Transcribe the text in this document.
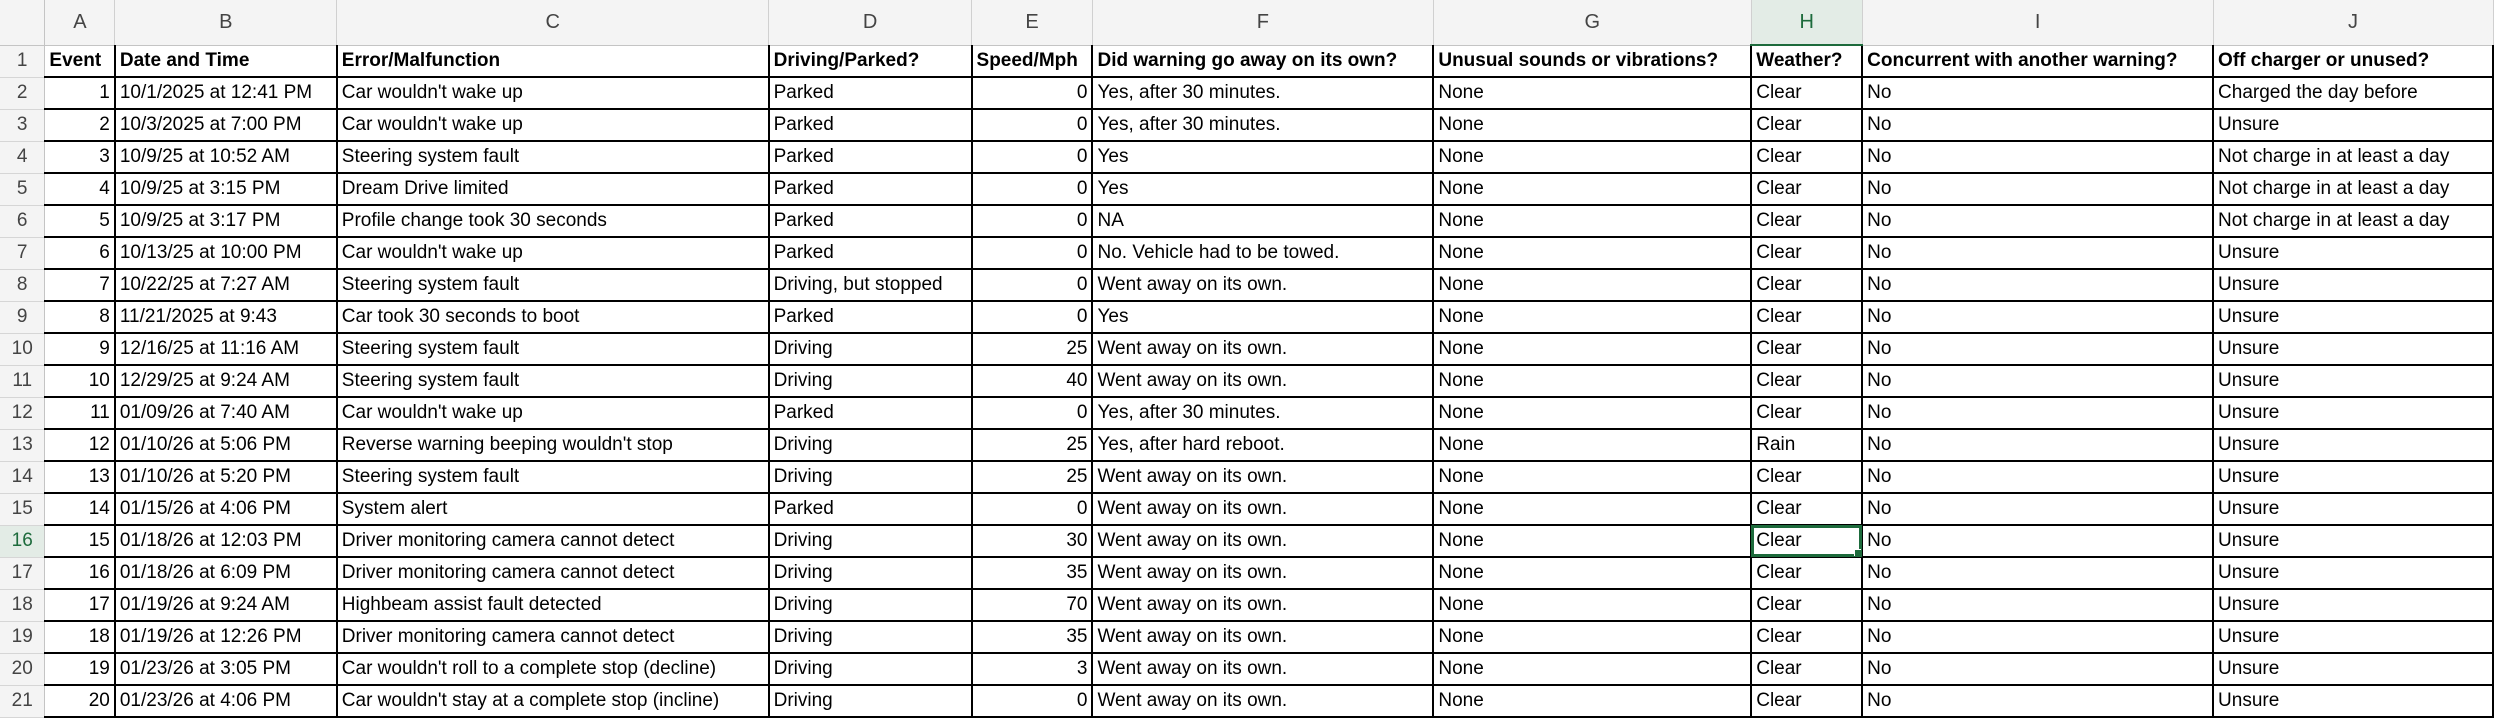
	A	B	C	D	E	F	G	H	I	J
1	Event	Date and Time	Error/Malfunction	Driving/Parked?	Speed/Mph	Did warning go away on its own?	Unusual sounds or vibrations?	Weather?	Concurrent with another warning?	Off charger or unused?
2	1	10/1/2025 at 12:41 PM	Car wouldn't wake up	Parked	0	Yes, after 30 minutes.	None	Clear	No	Charged the day before
3	2	10/3/2025 at 7:00 PM	Car wouldn't wake up	Parked	0	Yes, after 30 minutes.	None	Clear	No	Unsure
4	3	10/9/25 at 10:52 AM	Steering system fault	Parked	0	Yes	None	Clear	No	Not charge in at least a day
5	4	10/9/25 at 3:15 PM	Dream Drive limited	Parked	0	Yes	None	Clear	No	Not charge in at least a day
6	5	10/9/25 at 3:17 PM	Profile change took 30 seconds	Parked	0	NA	None	Clear	No	Not charge in at least a day
7	6	10/13/25 at 10:00 PM	Car wouldn't wake up	Parked	0	No. Vehicle had to be towed.	None	Clear	No	Unsure
8	7	10/22/25 at 7:27 AM	Steering system fault	Driving, but stopped	0	Went away on its own.	None	Clear	No	Unsure
9	8	11/21/2025 at 9:43	Car took 30 seconds to boot	Parked	0	Yes	None	Clear	No	Unsure
10	9	12/16/25 at 11:16 AM	Steering system fault	Driving	25	Went away on its own.	None	Clear	No	Unsure
11	10	12/29/25 at 9:24 AM	Steering system fault	Driving	40	Went away on its own.	None	Clear	No	Unsure
12	11	01/09/26 at 7:40 AM	Car wouldn't wake up	Parked	0	Yes, after 30 minutes.	None	Clear	No	Unsure
13	12	01/10/26 at 5:06 PM	Reverse warning beeping wouldn't stop	Driving	25	Yes, after hard reboot.	None	Rain	No	Unsure
14	13	01/10/26 at 5:20 PM	Steering system fault	Driving	25	Went away on its own.	None	Clear	No	Unsure
15	14	01/15/26 at 4:06 PM	System alert	Parked	0	Went away on its own.	None	Clear	No	Unsure
16	15	01/18/26 at 12:03 PM	Driver monitoring camera cannot detect	Driving	30	Went away on its own.	None	Clear	No	Unsure
17	16	01/18/26 at 6:09 PM	Driver monitoring camera cannot detect	Driving	35	Went away on its own.	None	Clear	No	Unsure
18	17	01/19/26 at 9:24 AM	Highbeam assist fault detected	Driving	70	Went away on its own.	None	Clear	No	Unsure
19	18	01/19/26 at 12:26 PM	Driver monitoring camera cannot detect	Driving	35	Went away on its own.	None	Clear	No	Unsure
20	19	01/23/26 at 3:05 PM	Car wouldn't roll to a complete stop (decline)	Driving	3	Went away on its own.	None	Clear	No	Unsure
21	20	01/23/26 at 4:06 PM	Car wouldn't stay at a complete stop (incline)	Driving	0	Went away on its own.	None	Clear	No	Unsure
